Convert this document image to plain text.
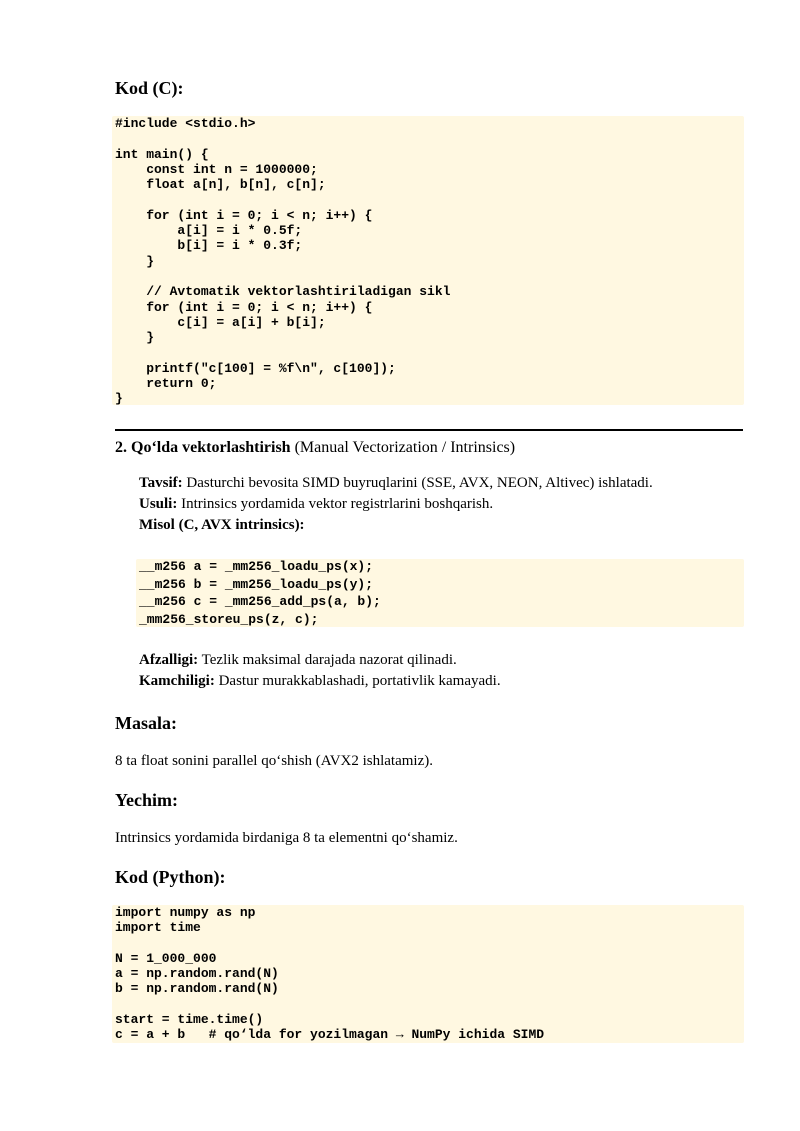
Kod (C):
#include <stdio.h>

int main() {
const int n = 1000000;
float a[n], b[n], c[n];

for (int i = 0; i < n; i++) {
a[i] = i * 0.5f;
b[i] = i * 0.3f;
}

// Avtomatik vektorlashtiriladigan sikl
for (int i = 0; i < n; i++) {
c[i] = a[i] + b[i];
}

printf("c[100] = %f\n", c[100]);
return 0;
}
2. Qo‘lda vektorlashtirish (Manual Vectorization / Intrinsics)
Tavsif: Dasturchi bevosita SIMD buyruqlarini (SSE, AVX, NEON, Altivec) ishlatadi.
Usuli: Intrinsics yordamida vektor registrlarini boshqarish.
Misol (C, AVX intrinsics):
__m256 a = _mm256_loadu_ps(x);
__m256 b = _mm256_loadu_ps(y);
__m256 c = _mm256_add_ps(a, b);
_mm256_storeu_ps(z, c);
Afzalligi: Tezlik maksimal darajada nazorat qilinadi.
Kamchiligi: Dastur murakkablashadi, portativlik kamayadi.
Masala:
8 ta float sonini parallel qo‘shish (AVX2 ishlatamiz).
Yechim:
Intrinsics yordamida birdaniga 8 ta elementni qo‘shamiz.
Kod (Python):
import numpy as np
import time

N = 1_000_000
a = np.random.rand(N)
b = np.random.rand(N)

start = time.time()
c = a + b   # qo‘lda for yozilmagan → NumPy ichida SIMD
